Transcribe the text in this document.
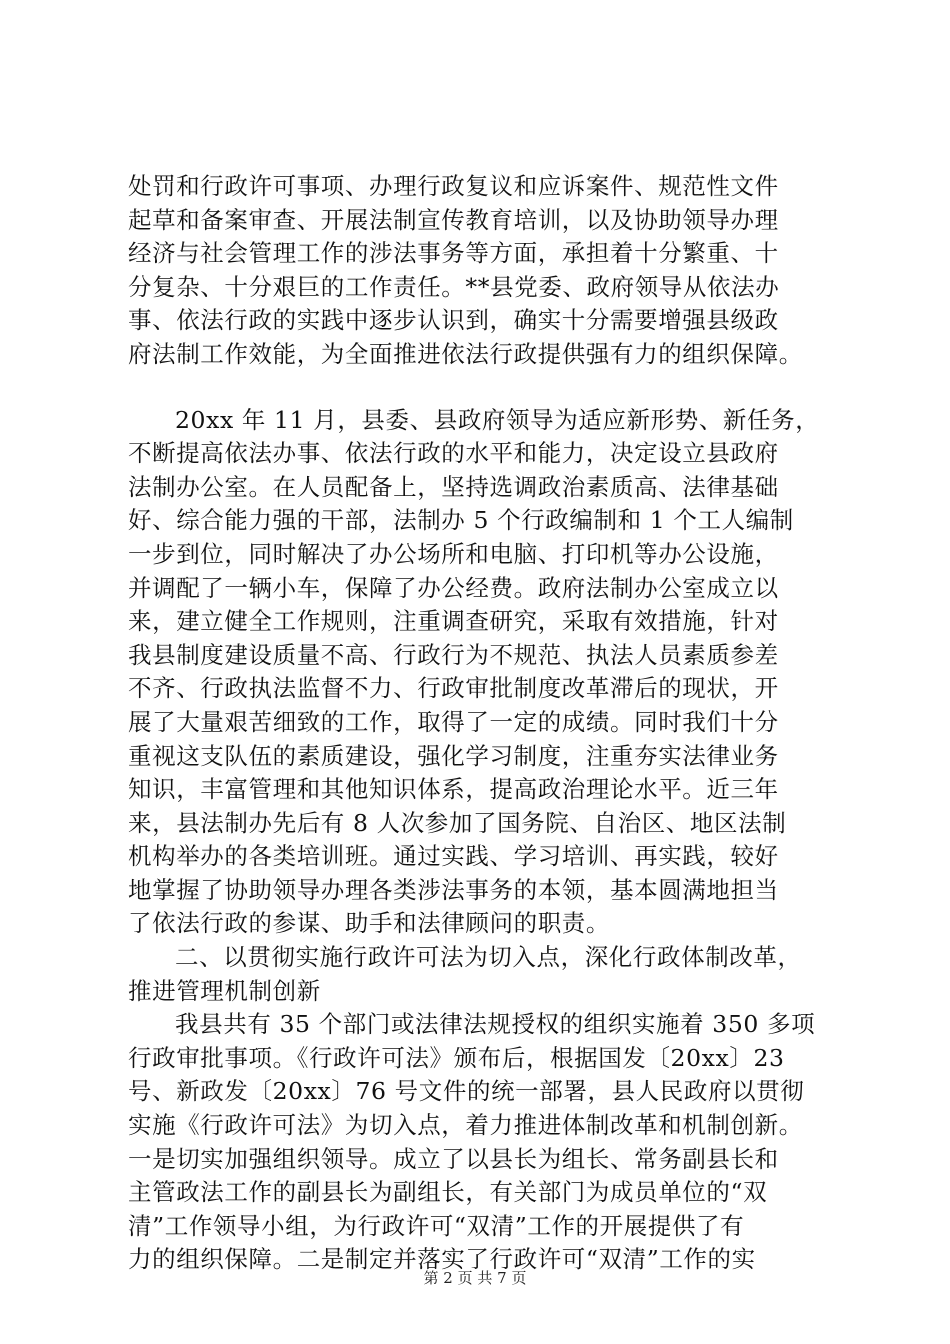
处罚和行政许可事项、办理行政复议和应诉案件、规范性文件
起草和备案审查、开展法制宣传教育培训，以及协助领导办理
经济与社会管理工作的涉法事务等方面，承担着十分繁重、十
分复杂、十分艰巨的工作责任。**县党委、政府领导从依法办
事、依法行政的实践中逐步认识到，确实十分需要增强县级政
府法制工作效能，为全面推进依法行政提供强有力的组织保障。
20xx 年 11 月，县委、县政府领导为适应新形势、新任务，
不断提高依法办事、依法行政的水平和能力，决定设立县政府
法制办公室。在人员配备上，坚持选调政治素质高、法律基础
好、综合能力强的干部，法制办 5 个行政编制和 1 个工人编制
一步到位，同时解决了办公场所和电脑、打印机等办公设施，
并调配了一辆小车，保障了办公经费。政府法制办公室成立以
来，建立健全工作规则，注重调查研究，采取有效措施，针对
我县制度建设质量不高、行政行为不规范、执法人员素质参差
不齐、行政执法监督不力、行政审批制度改革滞后的现状，开
展了大量艰苦细致的工作，取得了一定的成绩。同时我们十分
重视这支队伍的素质建设，强化学习制度，注重夯实法律业务
知识，丰富管理和其他知识体系，提高政治理论水平。近三年
来，县法制办先后有 8 人次参加了国务院、自治区、地区法制
机构举办的各类培训班。通过实践、学习培训、再实践，较好
地掌握了协助领导办理各类涉法事务的本领，基本圆满地担当
了依法行政的参谋、助手和法律顾问的职责。
二、以贯彻实施行政许可法为切入点，深化行政体制改革，
推进管理机制创新
我县共有 35 个部门或法律法规授权的组织实施着 350 多项
行政审批事项。《行政许可法》颁布后，根据国发〔20xx〕23
号、新政发〔20xx〕76 号文件的统一部署，县人民政府以贯彻
实施《行政许可法》为切入点，着力推进体制改革和机制创新。
一是切实加强组织领导。成立了以县长为组长、常务副县长和
主管政法工作的副县长为副组长，有关部门为成员单位的“双
清”工作领导小组，为行政许可“双清”工作的开展提供了有
力的组织保障。二是制定并落实了行政许可“双清”工作的实
第 2 页 共 7 页
